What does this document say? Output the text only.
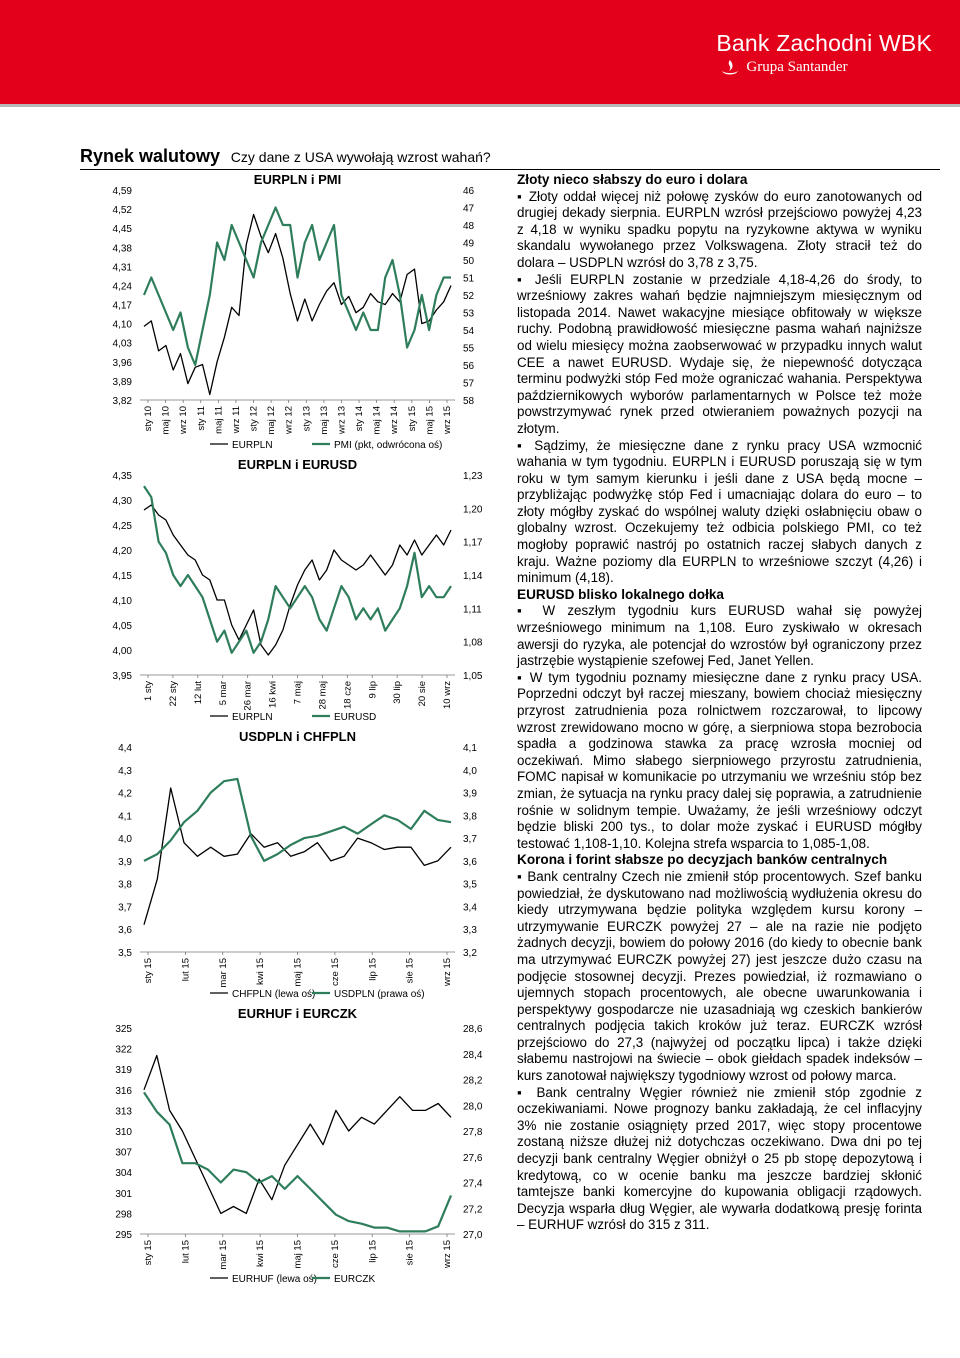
Bank Zachodni WBK
Grupa Santander
Rynek walutowy Czy dane z USA wywołają wzrost wahań?
EURPLN i PMI
4,59
4,52
4,45
4,38
4,31
4,24
4,17
4,10
4,03
3,96
3,89
3,82
46
47
48
49
50
51
52
53
54
55
56
57
58
sty 10 maj 10 wrz 10 sty 11 maj 11 wrz 11 sty 12 maj 12 wrz 12 sty 13 maj 13 wrz 13 sty 14 maj 14 wrz 14 sty 15 maj 15 wrz 15
EURPLN	PMI (pkt, odwrócona oś)
EURPLN i EURUSD
4,35
4,30
4,25
4,20
4,15
4,10
4,05
4,00
3,95
1,23
1,20
1,17
1,14
1,11
1,08
1,05
1 sty 22 sty 12 lut 5 mar 26 mar 16 kwi 7 maj 28 maj 18 cze 9 lip 30 lip 20 sie 10 wrz
EURPLN	EURUSD
USDPLN i CHFPLN
4,4
4,3
4,2
4,1
4,0
3,9
3,8
3,7
3,6
3,5
4,1
4,0
3,9
3,8
3,7
3,6
3,5
3,4
3,3
3,2
sty 15	lut 15	mar 15	kwi 15	maj 15	cze 15	lip 15	sie 15	wrz 15
CHFPLN (lewa oś) USDPLN (prawa oś)
EURHUF i EURCZK
325
322
319
316
313
310
307
304
301
298
295
28,6
28,4
28,2
28,0
27,8
27,6
27,4
27,2
27,0
sty 15	lut 15	mar 15	kwi 15	maj 15	cze 15	lip 15	sie 15	wrz 15
EURHUF (lewa oś) EURCZK
Złoty nieco słabszy do euro i dolara

▪ Złoty oddał więcej niż połowę zysków do euro zanotowanych od drugiej dekady sierpnia. EURPLN wzrósł przejściowo powyżej 4,23 z 4,18 w wyniku spadku popytu na ryzykowne aktywa w wyniku skandalu wywołanego przez Volkswagena. Złoty stracił też do dolara – USDPLN wzrósł do 3,78 z 3,75.

▪ Jeśli EURPLN zostanie w przedziale 4,18-4,26 do środy, to wrześniowy zakres wahań będzie najmniejszym miesięcznym od listopada 2014. Nawet wakacyjne miesiące obfitowały w większe ruchy. Podobną prawidłowość miesięczne pasma wahań najniższe od wielu miesięcy można zaobserwować w przypadku innych walut CEE a nawet EURUSD. Wydaje się, że niepewność dotycząca terminu podwyżki stóp Fed może ograniczać wahania. Perspektywa październikowych wyborów parlamentarnych w Polsce też może powstrzymywać rynek przed otwieraniem poważnych pozycji na złotym.

▪ Sądzimy, że miesięczne dane z rynku pracy USA wzmocnić wahania w tym tygodniu. EURPLN i EURUSD poruszają się w tym roku w tym samym kierunku i jeśli dane z USA będą mocne – przybliżając podwyżkę stóp Fed i umacniając dolara do euro – to złoty mógłby zyskać do wspólnej waluty dzięki osłabnięciu obaw o globalny wzrost. Oczekujemy też odbicia polskiego PMI, co też mogłoby poprawić nastrój po ostatnich raczej słabych danych z kraju. Ważne poziomy dla EURPLN to wrześniowe szczyt (4,26) i minimum (4,18).

EURUSD blisko lokalnego dołka

▪ W zeszłym tygodniu kurs EURUSD wahał się powyżej wrześniowego minimum na 1,108. Euro zyskiwało w okresach awersji do ryzyka, ale potencjał do wzrostów był ograniczony przez jastrzębie wystąpienie szefowej Fed, Janet Yellen.

▪ W tym tygodniu poznamy miesięczne dane z rynku pracy USA. Poprzedni odczyt był raczej mieszany, bowiem chociaż miesięczny przyrost zatrudnienia poza rolnictwem rozczarował, to lipcowy wzrost zrewidowano mocno w górę, a sierpniowa stopa bezrobocia spadła a godzinowa stawka za pracę wzrosła mocniej od oczekiwań. Mimo słabego sierpniowego przyrostu zatrudnienia, FOMC napisał w komunikacie po utrzymaniu we wrześniu stóp bez zmian, że sytuacja na rynku pracy dalej się poprawia, a zatrudnienie rośnie w solidnym tempie. Uważamy, że jeśli wrześniowy odczyt będzie bliski 200 tys., to dolar może zyskać i EURUSD mógłby testować 1,108-1,10. Kolejna strefa wsparcia to 1,085-1,08.

Korona i forint słabsze po decyzjach banków centralnych

▪ Bank centralny Czech nie zmienił stóp procentowych. Szef banku powiedział, że dyskutowano nad możliwością wydłużenia okresu do kiedy utrzymywana będzie polityka względem kursu korony – utrzymywanie EURCZK powyżej 27 – ale na razie nie podjęto żadnych decyzji, bowiem do połowy 2016 (do kiedy to obecnie bank ma utrzymywać EURCZK powyżej 27) jest jeszcze dużo czasu na podjęcie stosownej decyzji. Prezes powiedział, iż rozmawiano o ujemnych stopach procentowych, ale obecne uwarunkowania i perspektywy gospodarcze nie uzasadniają wg czeskich bankierów centralnych podjęcia takich kroków już teraz. EURCZK wzrósł przejściowo do 27,3 (najwyżej od początku lipca) i także dzięki słabemu nastrojowi na świecie – obok giełdach spadek indeksów – kurs zanotował największy tygodniowy wzrost od połowy marca.

▪ Bank centralny Węgier również nie zmienił stóp zgodnie z oczekiwaniami. Nowe prognozy banku zakładają, że cel inflacyjny 3% nie zostanie osiągnięty przed 2017, więc stopy procentowe zostaną niższe dłużej niż dotychczas oczekiwano. Dwa dni po tej decyzji bank centralny Węgier obniżył o 25 pb stopę depozytową i kredytową, co w ocenie banku ma jeszcze bardziej skłonić tamtejsze banki komercyjne do kupowania obligacji rządowych. Decyzja wsparła dług Węgier, ale wywarła dodatkową presję forinta – EURHUF wzrósł do 315 z 311.
